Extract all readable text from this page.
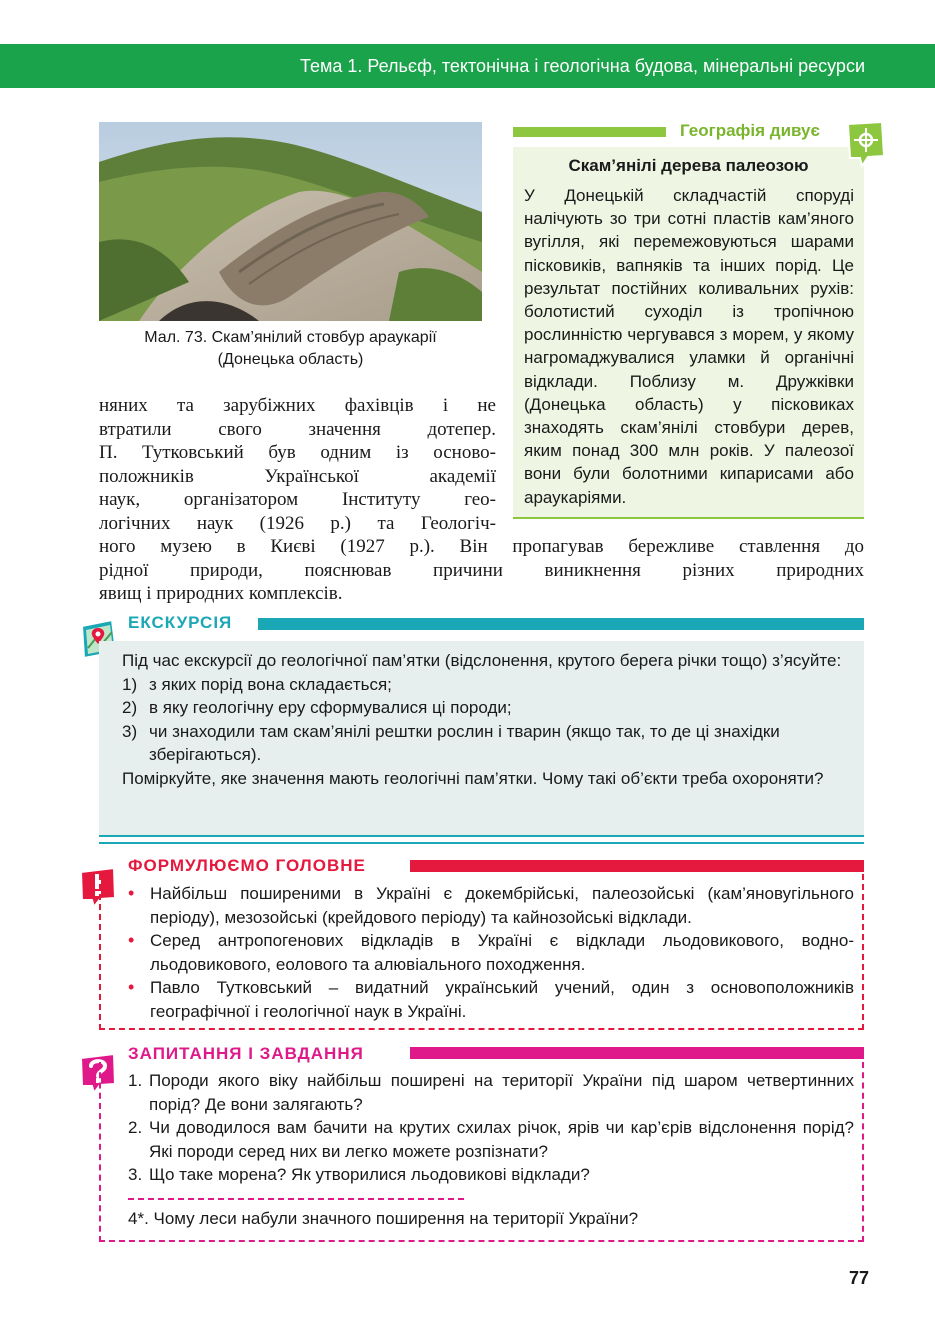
Тема 1. Рельєф, тектонічна і геологічна будова, мінеральні ресурси
Мал. 73. Скам’янілий стовбур араукарії
(Донецька область)
няних та зарубіжних фахівців і не
втратили свого значення дотепер.
П. Тутковський був одним із осново-
положників Української академії
наук, організатором Інституту гео-
логічних наук (1926 р.) та Геологіч-
ного музею в Києві (1927 р.). Він пропагував бережливе ставлення до
рідної природи, пояснював причини виникнення різних природних
явищ і природних комплексів.
Географія дивує
Скам’янілі дерева палеозою
У Донецькій складчастій споруді налічують зо три сотні пластів кам’яного вугілля, які перемежовуються шарами пісковиків, вапняків та інших порід. Це результат постійних коливальних рухів: болотистий суходіл із тропічною рослинністю чергувався з морем, у якому нагромаджувалися уламки й органічні відклади. Поблизу м. Дружківки (Донецька область) у пісковиках знаходять скам’янілі стовбури дерев, яким понад 300 млн років. У палеозої вони були болотними кипарисами або араукаріями.
ЕКСКУРСІЯ
Під час екскурсії до геологічної пам’ятки (відслонення, крутого берега річки тощо) з’ясуйте:
1) з яких порід вона складається;
2) в яку геологічну еру сформувалися ці породи;
3) чи знаходили там скам’янілі рештки рослин і тварин (якщо так, то де ці знахідки зберігаються).
Поміркуйте, яке значення мають геологічні пам’ятки. Чому такі об’єкти треба охороняти?
ФОРМУЛЮЄМО ГОЛОВНЕ
• Найбільш поширеними в Україні є докембрійські, палеозойські (кам’яновугільного періоду), мезозойські (крейдового періоду) та кайнозойські відклади.
• Серед антропогенових відкладів в Україні є відклади льодовикового, водно-льодовикового, еолового та алювіального походження.
• Павло Тутковський – видатний український учений, один з основоположників географічної і геологічної наук в Україні.
ЗАПИТАННЯ І ЗАВДАННЯ
1. Породи якого віку найбільш поширені на території України під шаром четвертинних порід? Де вони залягають?
2. Чи доводилося вам бачити на крутих схилах річок, ярів чи кар’єрів відслонення порід? Які породи серед них ви легко можете розпізнати?
3. Що таке морена? Як утворилися льодовикові відклади?
4*. Чому леси набули значного поширення на території України?
77
